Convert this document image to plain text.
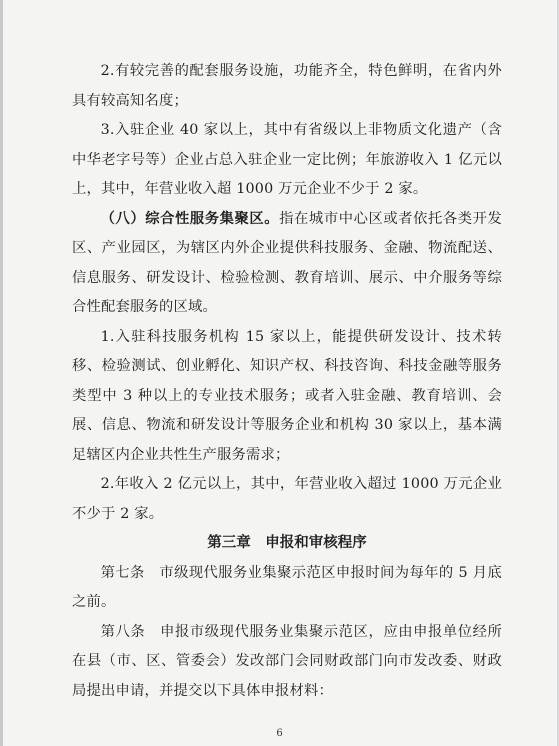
2.有较完善的配套服务设施，功能齐全，特色鲜明，在省内外具有较高知名度；

3.入驻企业 40 家以上，其中有省级以上非物质文化遗产（含中华老字号等）企业占总入驻企业一定比例；年旅游收入 1 亿元以上，其中，年营业收入超 1000 万元企业不少于 2 家。

（八）综合性服务集聚区。指在城市中心区或者依托各类开发区、产业园区，为辖区内外企业提供科技服务、金融、物流配送、信息服务、研发设计、检验检测、教育培训、展示、中介服务等综合性配套服务的区域。

1.入驻科技服务机构 15 家以上，能提供研发设计、技术转移、检验测试、创业孵化、知识产权、科技咨询、科技金融等服务类型中 3 种以上的专业技术服务；或者入驻金融、教育培训、会展、信息、物流和研发设计等服务企业和机构 30 家以上，基本满足辖区内企业共性生产服务需求；

2.年收入 2 亿元以上，其中，年营业收入超过 1000 万元企业不少于 2 家。

第三章　申报和审核程序

第七条　市级现代服务业集聚示范区申报时间为每年的 5 月底之前。

第八条　申报市级现代服务业集聚示范区，应由申报单位经所在县（市、区、管委会）发改部门会同财政部门向市发改委、财政局提出申请，并提交以下具体申报材料：

6
